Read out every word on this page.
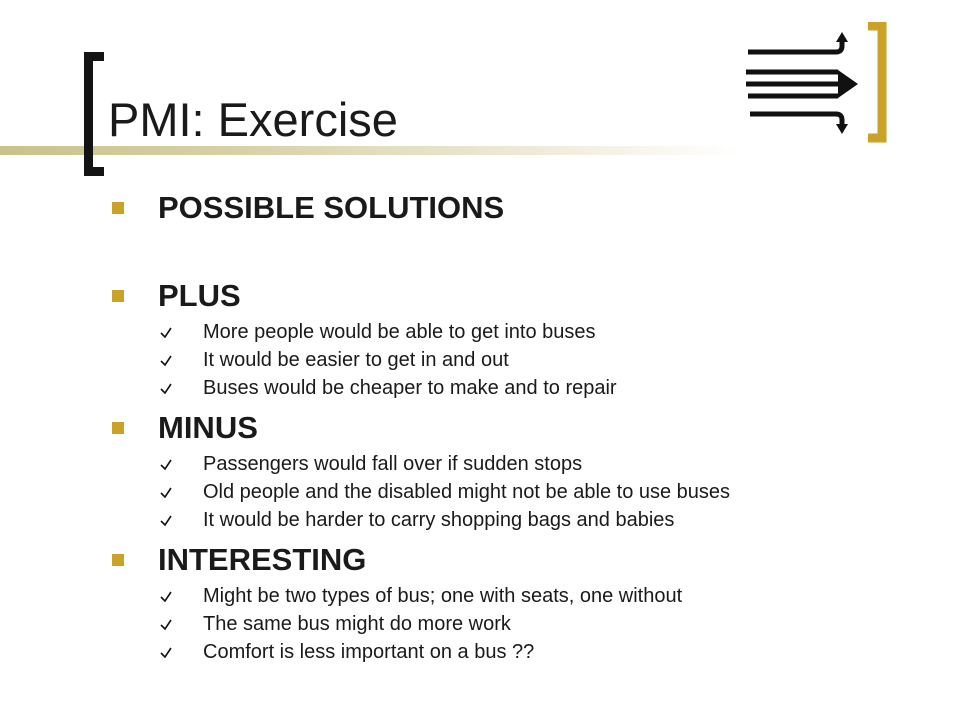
PMI: Exercise
POSSIBLE SOLUTIONS
PLUS
More people would be able to get into buses
It would be easier to get in and out
Buses would be cheaper to make and to repair
MINUS
Passengers would fall over if sudden stops
Old people and the disabled might not be able to use buses
It would be harder to carry shopping bags and babies
INTERESTING
Might be two types of bus; one with seats, one without
The same bus might do more work
Comfort is less important on a bus ??
